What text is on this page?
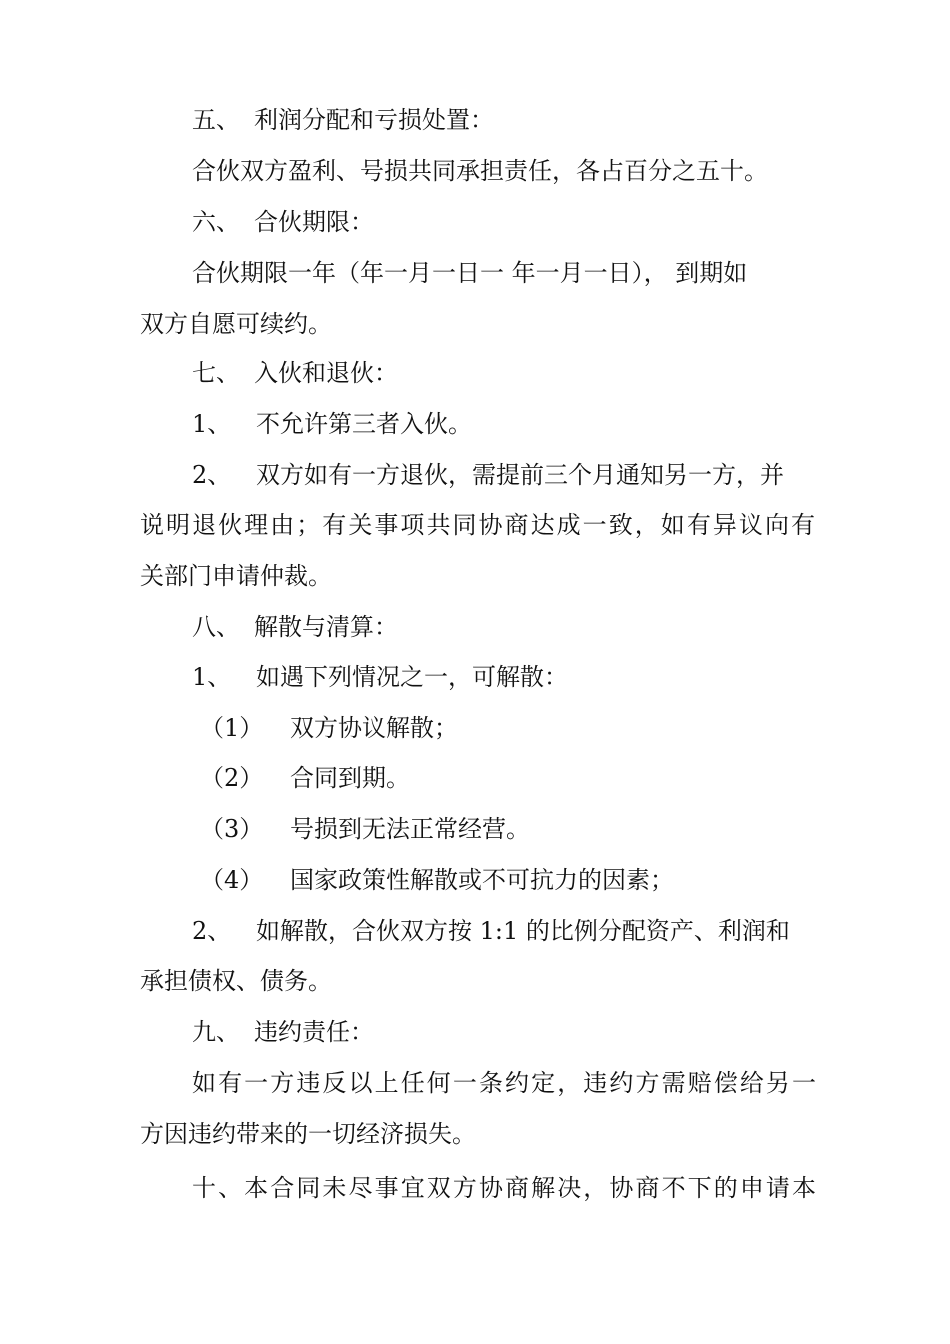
五、 利润分配和亏损处置：
合伙双方盈利、号损共同承担责任，各占百分之五十。
六、 合伙期限：
合伙期限一年（年一月一日一 年一月一日）， 到期如
双方自愿可续约。
七、 入伙和退伙：
1、 不允许第三者入伙。
2、 双方如有一方退伙，需提前三个月通知另一方，并
说明退伙理由；有关事项共同协商达成一致，如有异议向有
关部门申请仲裁。
八、 解散与清算：
1、 如遇下列情况之一，可解散：
（1） 双方协议解散；
（2） 合同到期。
（3） 号损到无法正常经营。
（4） 国家政策性解散或不可抗力的因素；
2、 如解散，合伙双方按 1:1 的比例分配资产、利润和
承担债权、债务。
九、 违约责任：
如有一方违反以上任何一条约定，违约方需赔偿给另一
方因违约带来的一切经济损失。
十、本合同未尽事宜双方协商解决，协商不下的申请本
